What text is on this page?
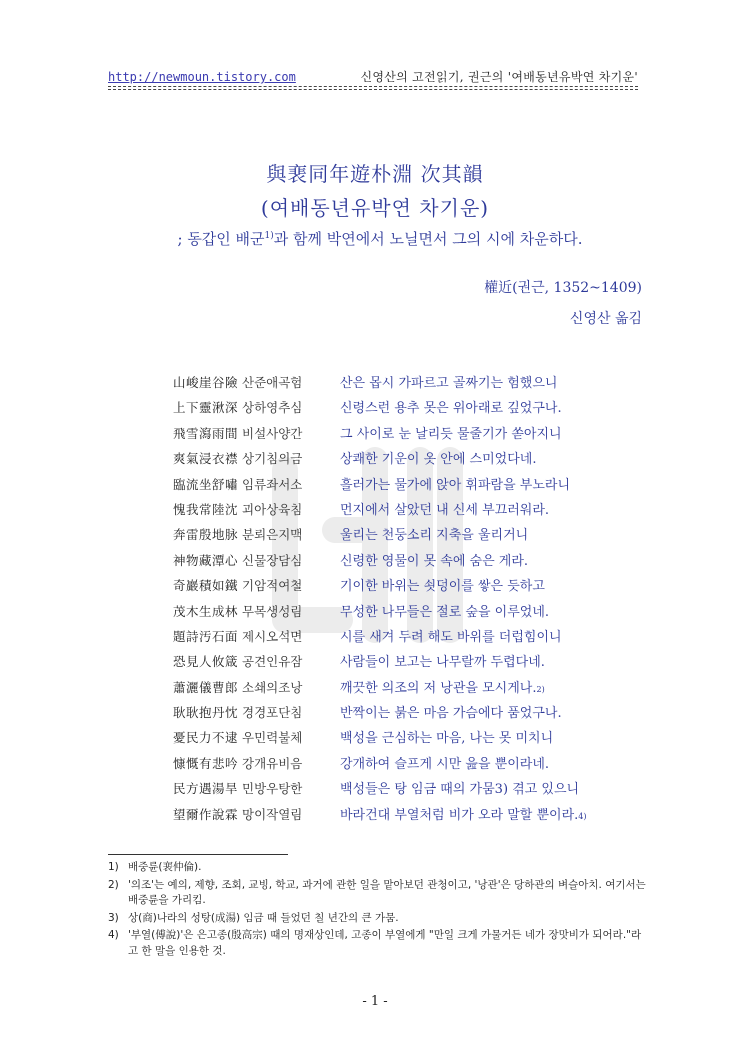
http://newmoun.tistory.com	신영산의 고전읽기, 권근의 '여배동년유박연 차기운'
與裵同年遊朴淵 次其韻
(여배동년유박연 차기운)
; 동갑인 배군$^{1)}$과 함께 박연에서 노닐면서 그의 시에 차운하다.
權近(권근, 1352~1409)
신영산 옮김
山峻崖谷險 산준애곡험	산은 몹시 가파르고 골짜기는 험했으니
上下靈湫深 상하영추심	신령스런 용추 못은 위아래로 깊었구나.
飛雪瀉雨間 비설사양간	그 사이로 눈 날리듯 물줄기가 쏟아지니
爽氣浸衣襟 상기침의금	상쾌한 기운이 옷 안에 스미었다네.
臨流坐舒嘯 임류좌서소	흘러가는 물가에 앉아 휘파람을 부노라니
愧我常陸沈 괴아상육침	먼지에서 살았던 내 신세 부끄러워라.
奔雷殷地脉 분뢰은지맥	울리는 천둥소리 지축을 울리거니
神物藏潭心 신물장담심	신령한 영물이 못 속에 숨은 게라.
奇巖積如鐵 기암적여철	기이한 바위는 쇳덩이를 쌓은 듯하고
茂木生成林 무목생성림	무성한 나무들은 절로 숲을 이루었네.
題詩汚石面 제시오석면	시를 새겨 두려 해도 바위를 더럽힘이니
恐見人攸箴 공견인유잠	사람들이 보고는 나무랄까 두렵다네.
蕭灑儀曹郎 소쇄의조낭	깨끗한 의조의 저 낭관을 모시게나$._{2)}$
耿耿抱丹忱 경경포단침	반짝이는 붉은 마음 가슴에다 품었구나.
憂民力不逮 우민력불체	백성을 근심하는 마음, 나는 못 미치니
慷慨有悲吟 강개유비음	강개하여 슬프게 시만 읊을 뿐이라네.
民方遇湯旱 민방우탕한	백성들은 탕 임금 때의 가뭄3) 겪고 있으니
望爾作說霖 망이작열림	바라건대 부열처럼 비가 오라 말할 뿐이라$._{4)}$
1) 배중륜(裵仲倫).
2) '의조'는 예의, 제향, 조회, 교빙, 학교, 과거에 관한 일을 맡아보던 관청이고, '낭관'은 당하관의 벼슬아치. 여기서는 배중륜을 가리킴.
3) 상(商)나라의 성탕(成湯) 임금 때 들었던 칠 년간의 큰 가뭄.
4) '부열(傅說)'은 은고종(殷高宗) 때의 명재상인데, 고종이 부열에게 "만일 크게 가물거든 네가 장맛비가 되어라."라고 한 말을 인용한 것.
- 1 -
